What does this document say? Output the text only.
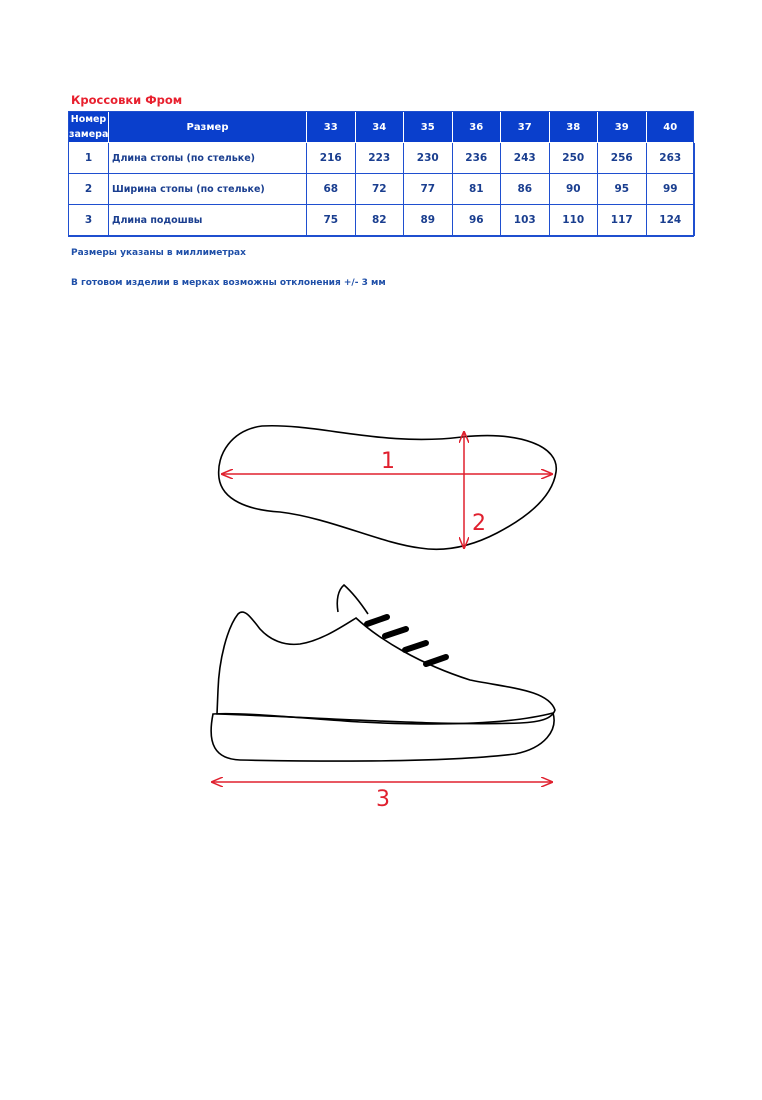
Кроссовки Фром
Номер
замера	Размер	33	34	35	36	37	38	39	40
1	Длина стопы (по стельке)	216	223	230	236	243	250	256	263
2	Ширина стопы (по стельке)	68	72	77	81	86	90	95	99
3	Длина подошвы	75	82	89	96	103	110	117	124
Размеры указаны в миллиметрах
В готовом изделии в мерках возможны отклонения +/- 3 мм
1
2
3
